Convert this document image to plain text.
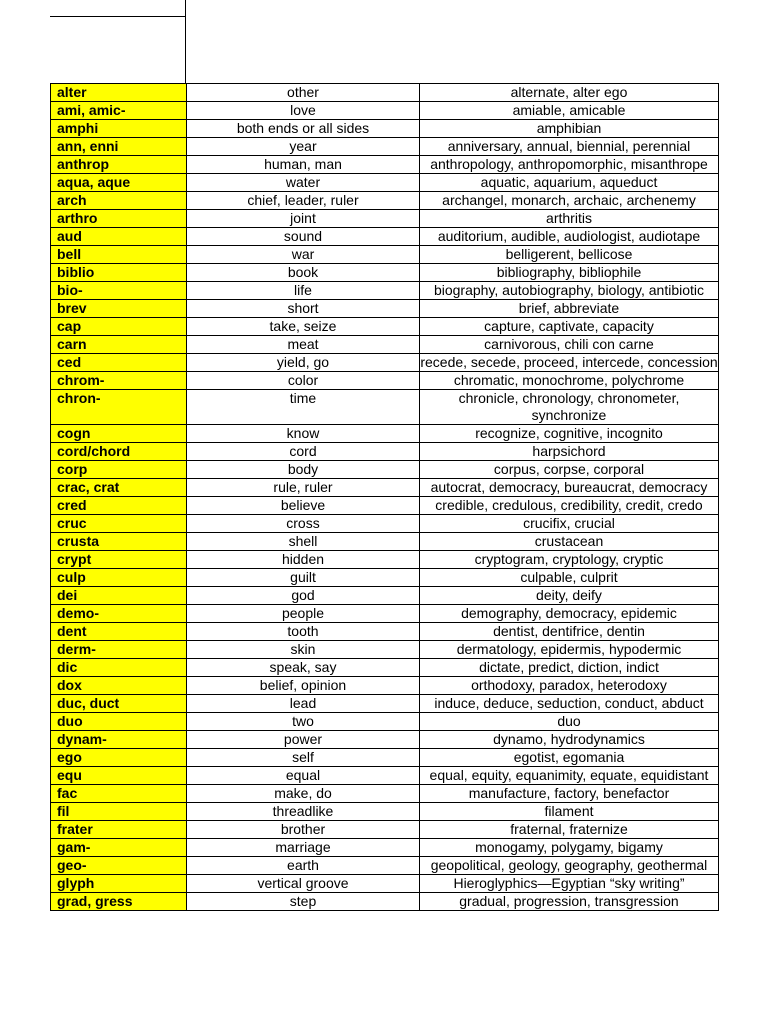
alter	other	alternate, alter ego
ami, amic-	love	amiable, amicable
amphi	both ends or all sides	amphibian
ann, enni	year	anniversary, annual, biennial, perennial
anthrop	human, man	anthropology, anthropomorphic, misanthrope
aqua, aque	water	aquatic, aquarium, aqueduct
arch	chief, leader, ruler	archangel, monarch, archaic, archenemy
arthro	joint	arthritis
aud	sound	auditorium, audible, audiologist, audiotape
bell	war	belligerent, bellicose
biblio	book	bibliography, bibliophile
bio-	life	biography, autobiography, biology, antibiotic
brev	short	brief, abbreviate
cap	take, seize	capture, captivate, capacity
carn	meat	carnivorous, chili con carne
ced	yield, go	recede, secede, proceed, intercede, concession
chrom-	color	chromatic, monochrome, polychrome
chron-	time	chronicle, chronology, chronometer, synchronize
cogn	know	recognize, cognitive, incognito
cord/chord	cord	harpsichord
corp	body	corpus, corpse, corporal
crac, crat	rule, ruler	autocrat, democracy, bureaucrat, democracy
cred	believe	credible, credulous, credibility, credit, credo
cruc	cross	crucifix, crucial
crusta	shell	crustacean
crypt	hidden	cryptogram, cryptology, cryptic
culp	guilt	culpable, culprit
dei	god	deity, deify
demo-	people	demography, democracy, epidemic
dent	tooth	dentist, dentifrice, dentin
derm-	skin	dermatology, epidermis, hypodermic
dic	speak, say	dictate, predict, diction, indict
dox	belief, opinion	orthodoxy, paradox, heterodoxy
duc, duct	lead	induce, deduce, seduction, conduct, abduct
duo	two	duo
dynam-	power	dynamo, hydrodynamics
ego	self	egotist, egomania
equ	equal	equal, equity, equanimity, equate, equidistant
fac	make, do	manufacture, factory, benefactor
fil	threadlike	filament
frater	brother	fraternal, fraternize
gam-	marriage	monogamy, polygamy, bigamy
geo-	earth	geopolitical, geology, geography, geothermal
glyph	vertical groove	Hieroglyphics—Egyptian “sky writing”
grad, gress	step	gradual, progression, transgression
